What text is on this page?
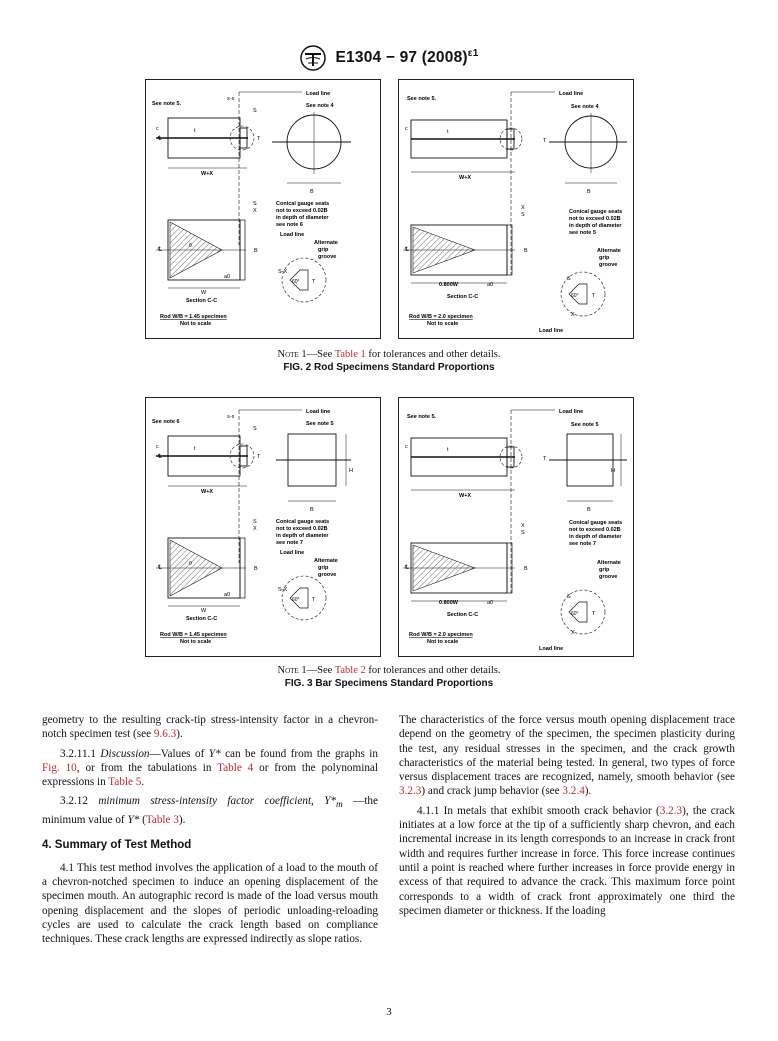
E1304 − 97 $(2008)^{\varepsilon 1}$
See note 5.
s-x
Load line
See note 4
S
c
℄
t
T
W+X
B
Conical gauge seats
not to exceed 0.02B
in depth of diameter
see note 6
Load line
S
X
℄
θ
B
a0
W
Section C-C
Rod W/B = 1.45 specimen
Not to scale
Alternate
grip
groove
60° T
S-X
See note 5.
Load line
See note 4
c	t
W+X
T
B
Conical gauge seats
not to exceed 0.02B
in depth of diameter
see note 5
X
S
℄	B
0.800W	a0
Section C-C
Rod W/B = 2.0 specimen
Not to scale
Alternate
grip
groove
60° T
S
X
Load line
Note 1—See Table 1 for tolerances and other details.
FIG. 2 Rod Specimens Standard Proportions
See note 6
s-x
Load line
See note 5
S
c
℄
t
T
W+X
H
B
Conical gauge seats
not to exceed 0.02B
in depth of diameter
see note 7
Load line
S
X
℄
θ
B
a0
W
Section C-C
Rod W/B = 1.45 specimen
Not to scale
Alternate
grip
groove
60° T
S-X
See note 5.
Load line
See note 5
c	t
W+X
T
H
B
Conical gauge seats
not to exceed 0.02B
in depth of diameter
see note 7
X
S
℄	B
0.800W	a0
Section C-C
Rod W/B = 2.0 specimen
Not to scale
Alternate
grip
groove
60° T
S
X
Load line
Note 1—See Table 2 for tolerances and other details.
FIG. 3 Bar Specimens Standard Proportions

geometry to the resulting crack-tip stress-intensity factor in a chevron-notch specimen test (see 9.6.3).

3.2.11.1 Discussion—Values of Y* can be found from the graphs in Fig. 10, or from the tabulations in Table 4 or from the polynominal expressions in Table 5.

3.2.12 minimum stress-intensity factor coefficient, $Y*_m$ —the minimum value of Y* (Table 3).

4. Summary of Test Method

4.1 This test method involves the application of a load to the mouth of a chevron-notched specimen to induce an opening displacement of the specimen mouth. An autographic record is made of the load versus mouth opening displacement and the slopes of periodic unloading-reloading cycles are used to calculate the crack length based on compliance techniques. These crack lengths are expressed indirectly as slope ratios.

The characteristics of the force versus mouth opening displacement trace depend on the geometry of the specimen, the specimen plasticity during the test, any residual stresses in the specimen, and the crack growth characteristics of the material being tested. In general, two types of force versus displacement traces are recognized, namely, smooth behavior (see 3.2.3) and crack jump behavior (see 3.2.4).

4.1.1 In metals that exhibit smooth crack behavior (3.2.3), the crack initiates at a low force at the tip of a sufficiently sharp chevron, and each incremental increase in its length corresponds to an increase in crack front width and requires further increase in force. This force increase continues until a point is reached where further increases in force provide energy in excess of that required to advance the crack. This maximum force point corresponds to a width of crack front approximately one third the specimen diameter or thickness. If the loading

3
